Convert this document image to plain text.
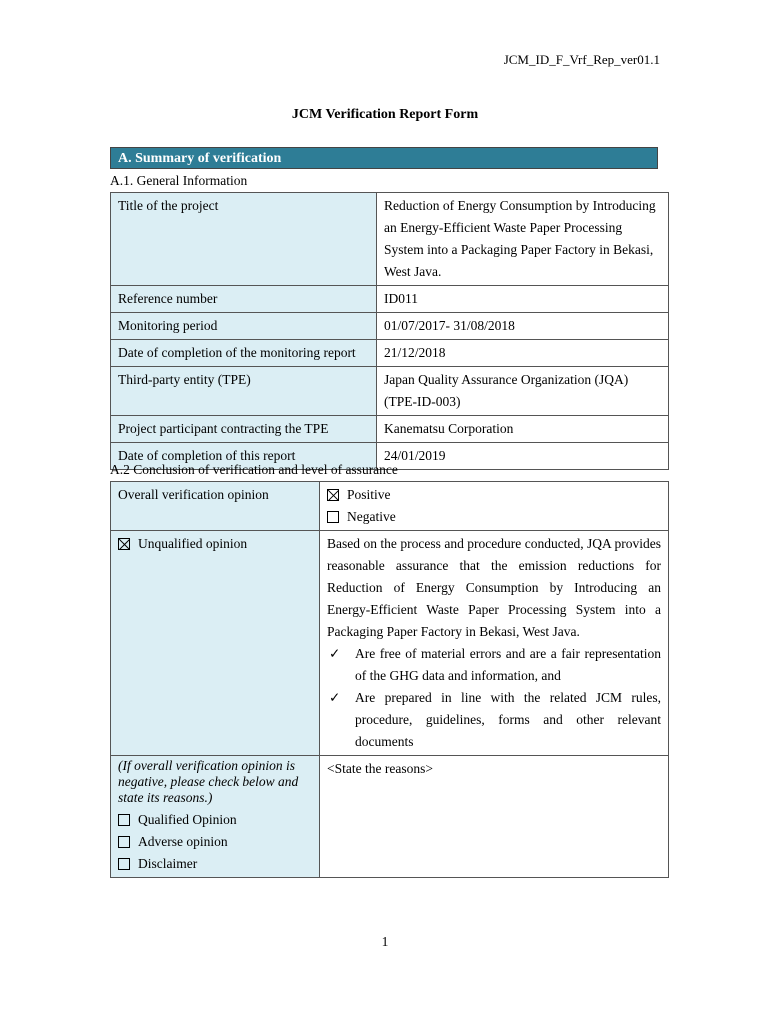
JCM_ID_F_Vrf_Rep_ver01.1
JCM Verification Report Form
A. Summary of verification
A.1. General Information
Title of the project	Reduction of Energy Consumption by Introducing an Energy-Efficient Waste Paper Processing System into a Packaging Paper Factory in Bekasi, West Java.
Reference number	ID011
Monitoring period	01/07/2017- 31/08/2018
Date of completion of the monitoring report	21/12/2018
Third-party entity (TPE)	Japan Quality Assurance Organization (JQA) (TPE-ID-003)
Project participant contracting the TPE	Kanematsu Corporation
Date of completion of this report	24/01/2019
A.2 Conclusion of verification and level of assurance
Overall verification opinion	Positive
Negative

Unqualified opinion	Based on the process and procedure conducted, JQA provides reasonable assurance that the emission reductions for Reduction of Energy Consumption by Introducing an Energy-Efficient Waste Paper Processing System into a Packaging Paper Factory in Bekasi, West Java.
✓ Are free of material errors and are a fair representation of the GHG data and information, and
✓ Are prepared in line with the related JCM rules, procedure, guidelines, forms and other relevant documents

(If overall verification opinion is negative, please check below and state its reasons.)
Qualified Opinion
Adverse opinion
Disclaimer	<State the reasons>
1
